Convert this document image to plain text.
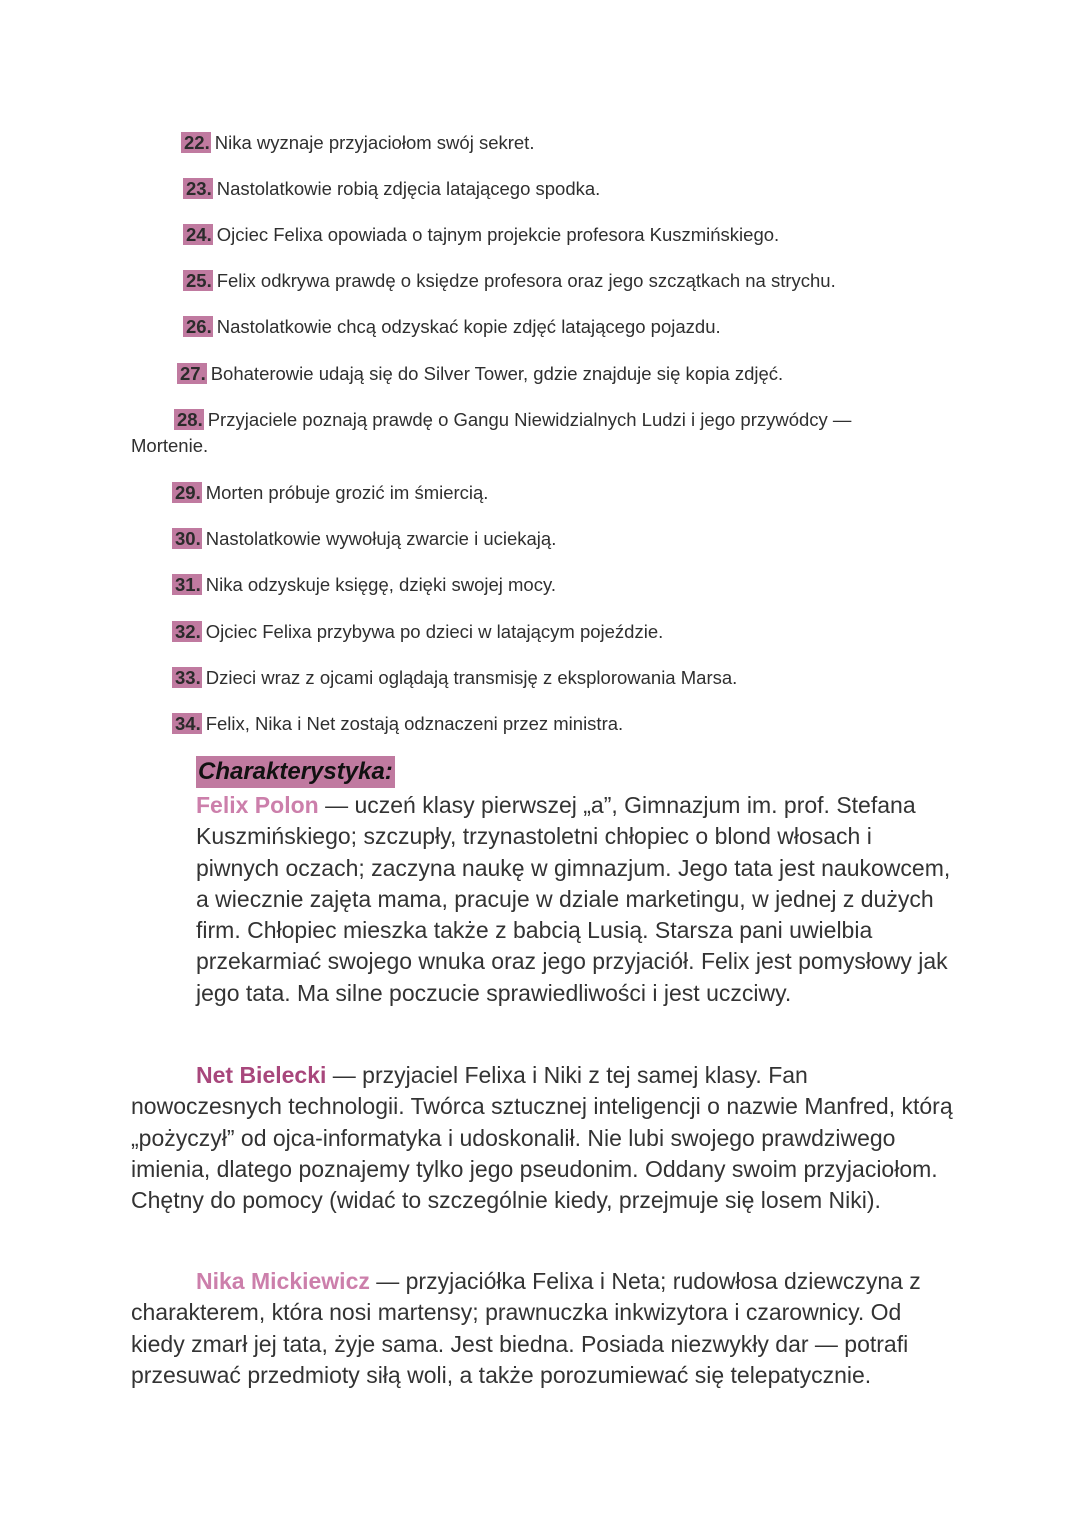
22. Nika wyznaje przyjaciołom swój sekret.
23. Nastolatkowie robią zdjęcia latającego spodka.
24. Ojciec Felixa opowiada o tajnym projekcie profesora Kuszmińskiego.
25. Felix odkrywa prawdę o księdze profesora oraz jego szczątkach na strychu.
26. Nastolatkowie chcą odzyskać kopie zdjęć latającego pojazdu.
27. Bohaterowie udają się do Silver Tower, gdzie znajduje się kopia zdjęć.
28. Przyjaciele poznają prawdę o Gangu Niewidzialnych Ludzi i jego przywódcy —
Mortenie.
29. Morten próbuje grozić im śmiercią.
30. Nastolatkowie wywołują zwarcie i uciekają.
31. Nika odzyskuje księgę, dzięki swojej mocy.
32. Ojciec Felixa przybywa po dzieci w latającym pojeździe.
33. Dzieci wraz z ojcami oglądają transmisję z eksplorowania Marsa.
34. Felix, Nika i Net zostają odznaczeni przez ministra.
Charakterystyka:
Felix Polon — uczeń klasy pierwszej „a”, Gimnazjum im. prof. Stefana Kuszmińskiego; szczupły, trzynastoletni chłopiec o blond włosach i piwnych oczach; zaczyna naukę w gimnazjum. Jego tata jest naukowcem, a wiecznie zajęta mama, pracuje w dziale marketingu, w jednej z dużych firm. Chłopiec mieszka także z babcią Lusią. Starsza pani uwielbia przekarmiać swojego wnuka oraz jego przyjaciół. Felix jest pomysłowy jak jego tata. Ma silne poczucie sprawiedliwości i jest uczciwy.
Net Bielecki — przyjaciel Felixa i Niki z tej samej klasy. Fan nowoczesnych technologii. Twórca sztucznej inteligencji o nazwie Manfred, którą „pożyczył” od ojca-informatyka i udoskonalił. Nie lubi swojego prawdziwego imienia, dlatego poznajemy tylko jego pseudonim. Oddany swoim przyjaciołom. Chętny do pomocy (widać to szczególnie kiedy, przejmuje się losem Niki).
Nika Mickiewicz — przyjaciółka Felixa i Neta; rudowłosa dziewczyna z charakterem, która nosi martensy; prawnuczka inkwizytora i czarownicy. Od kiedy zmarł jej tata, żyje sama. Jest biedna. Posiada niezwykły dar — potrafi przesuwać przedmioty siłą woli, a także porozumiewać się telepatycznie.
